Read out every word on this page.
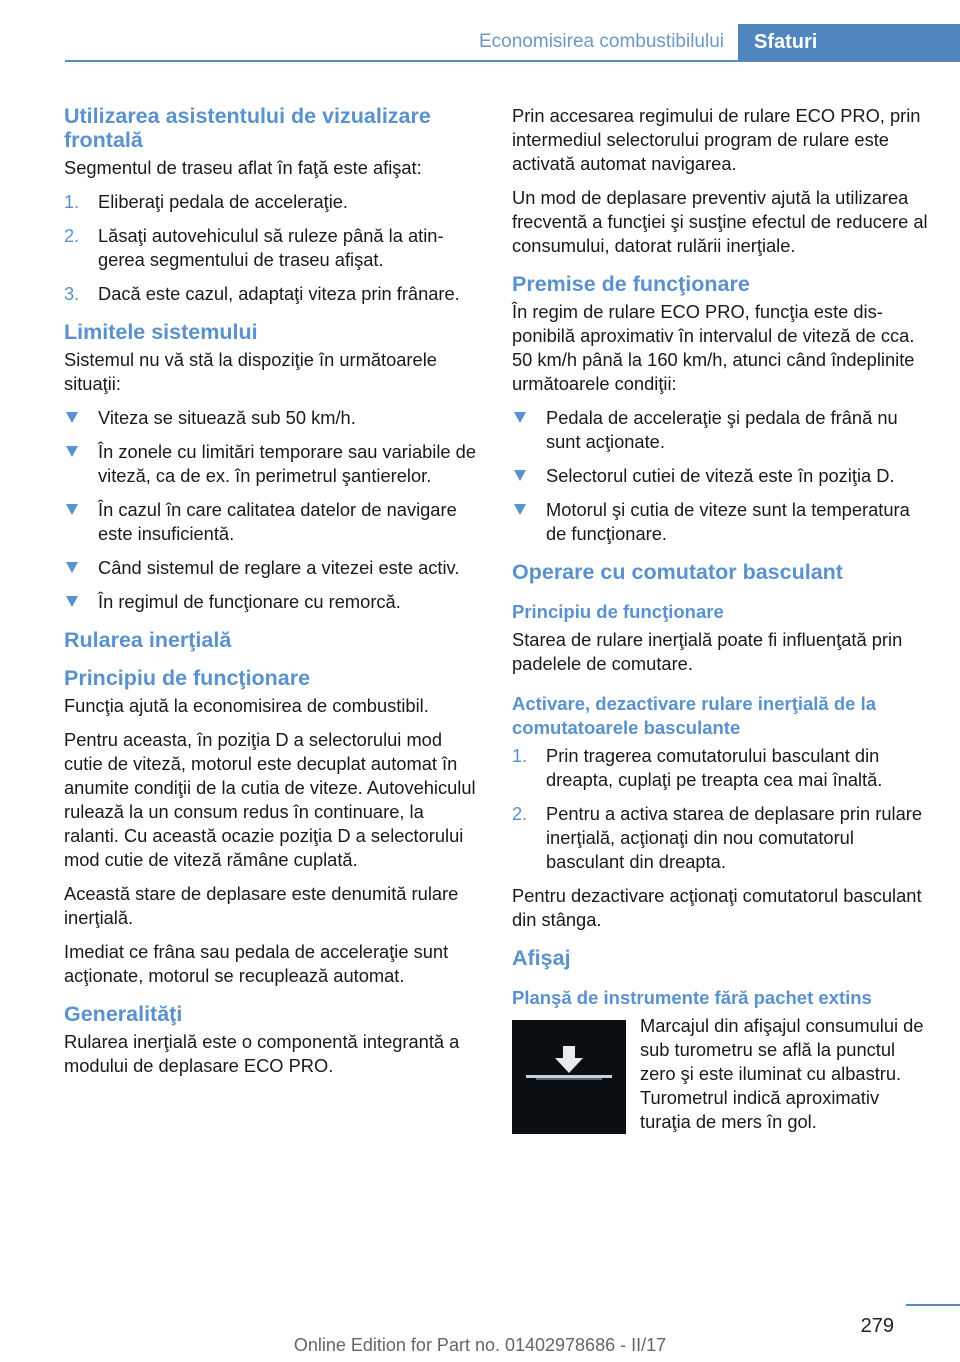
Economisirea combustibilului	Sfaturi
Utilizarea asistentului de vizualizare frontală

Segmentul de traseu aflat în faţă este afişat:

1. Eliberaţi pedala de acceleraţie.
2. Lăsaţi autovehiculul să ruleze până la atingerea segmentului de traseu afişat.
3. Dacă este cazul, adaptaţi viteza prin frânare.
Limitele sistemului

Sistemul nu vă stă la dispoziţie în următoarele situaţii:

Viteza se situează sub 50 km/h.
În zonele cu limitări temporare sau variabile de viteză, ca de ex. în perimetrul şantierelor.
În cazul în care calitatea datelor de navigare este insuficientă.
Când sistemul de reglare a vitezei este activ.
În regimul de funcţionare cu remorcă.
Rularea inerţială
Principiu de funcţionare

Funcţia ajută la economisirea de combustibil.

Pentru aceasta, în poziţia D a selectorului mod cutie de viteză, motorul este decuplat automat în anumite condiţii de la cutia de viteze. Autovehiculul rulează la un consum redus în continuare, la ralanti. Cu această ocazie poziţia D a selectorului mod cutie de viteză rămâne cuplată.

Această stare de deplasare este denumită rulare inerţială.

Imediat ce frâna sau pedala de acceleraţie sunt acţionate, motorul se recuplează automat.

Generalităţi

Rularea inerţială este o componentă integrantă a modului de deplasare ECO PRO.

Prin accesarea regimului de rulare ECO PRO, prin intermediul selectorului program de rulare este activată automat navigarea.

Un mod de deplasare preventiv ajută la utilizarea frecventă a funcţiei şi susţine efectul de reducere al consumului, datorat rulării inerţiale.

Premise de funcţionare

În regim de rulare ECO PRO, funcţia este disponibilă aproximativ în intervalul de viteză de cca. 50 km/h până la 160 km/h, atunci când îndeplinite următoarele condiţii:

Pedala de acceleraţie şi pedala de frână nu sunt acţionate.
Selectorul cutiei de viteză este în poziţia D.
Motorul şi cutia de viteze sunt la temperatura de funcţionare.
Operare cu comutator basculant
Principiu de funcţionare

Starea de rulare inerţială poate fi influenţată prin padelele de comutare.

Activare, dezactivare rulare inerţială de la comutatoarele basculante
1. Prin tragerea comutatorului basculant din dreapta, cuplaţi pe treapta cea mai înaltă.
2. Pentru a activa starea de deplasare prin rulare inerţială, acţionaţi din nou comutatorul basculant din dreapta.

Pentru dezactivare acţionaţi comutatorul basculant din stânga.

Afişaj
Planşă de instrumente fără pachet extins

Marcajul din afişajul consumului de sub turometru se află la punctul zero şi este iluminat cu albastru. Turometrul indică aproximativ turaţia de mers în gol.

279
Online Edition for Part no. 01402978686 - II/17
